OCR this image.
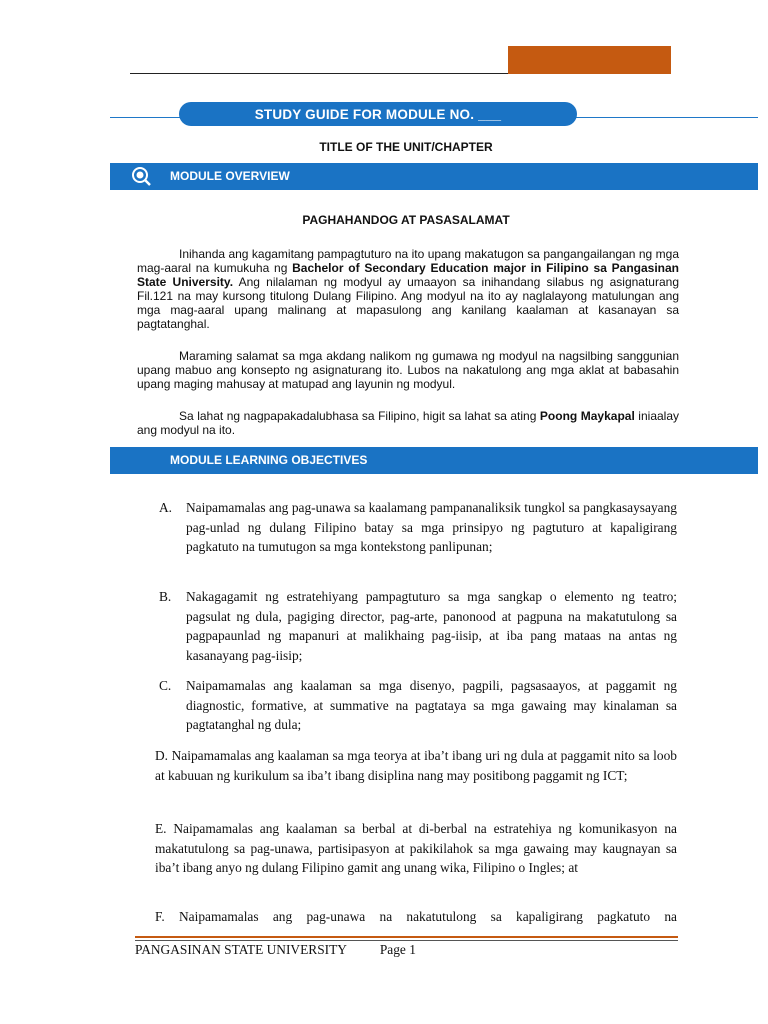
STUDY GUIDE FOR MODULE NO. ___
TITLE OF THE UNIT/CHAPTER
MODULE OVERVIEW
PAGHAHANDOG AT PASASALAMAT

Inihanda ang kagamitang pampagtuturo na ito upang makatugon sa pangangailangan ng mga mag-aaral na kumukuha ng Bachelor of Secondary Education major in Filipino sa Pangasinan State University. Ang nilalaman ng modyul ay umaayon sa inihandang silabus ng asignaturang Fil.121 na may kursong titulong Dulang Filipino. Ang modyul na ito ay naglalayong matulungan ang mga mag-aaral upang malinang at mapasulong ang kanilang kaalaman at kasanayan sa pagtatanghal.

Maraming salamat sa mga akdang nalikom ng gumawa ng modyul na nagsilbing sanggunian upang mabuo ang konsepto ng asignaturang ito. Lubos na nakatulong ang mga aklat at babasahin upang maging mahusay at matupad ang layunin ng modyul.

Sa lahat ng nagpapakadalubhasa sa Filipino, higit sa lahat sa ating Poong Maykapal iniaalay ang modyul na ito.

MODULE LEARNING OBJECTIVES
A. Naipamamalas ang pag-unawa sa kaalamang pampananaliksik tungkol sa pangkasaysayang pag-unlad ng dulang Filipino batay sa mga prinsipyo ng pagtuturo at kapaligirang pagkatuto na tumutugon sa mga kontekstong panlipunan;
B. Nakagagamit ng estratehiyang pampagtuturo sa mga sangkap o elemento ng teatro; pagsulat ng dula, pagiging director, pag-arte, panonood at pagpuna na makatutulong sa pagpapaunlad ng mapanuri at malikhaing pag-iisip, at iba pang mataas na antas ng kasanayang pag-iisip;
C. Naipamamalas ang kaalaman sa mga disenyo, pagpili, pagsasaayos, at paggamit ng diagnostic, formative, at summative na pagtataya sa mga gawaing may kinalaman sa pagtatanghal ng dula;
D. Naipamamalas ang kaalaman sa mga teorya at iba’t ibang uri ng dula at paggamit nito sa loob at kabuuan ng kurikulum sa iba’t ibang disiplina nang may positibong paggamit ng ICT;
E. Naipamamalas ang kaalaman sa berbal at di-berbal na estratehiya ng komunikasyon na makatutulong sa pag-unawa, partisipasyon at pakikilahok sa mga gawaing may kaugnayan sa iba’t ibang anyo ng dulang Filipino gamit ang unang wika, Filipino o Ingles; at
F. Naipamamalas ang pag-unawa na nakatutulong sa kapaligirang pagkatuto na
PANGASINAN STATE UNIVERSITY Page 1
